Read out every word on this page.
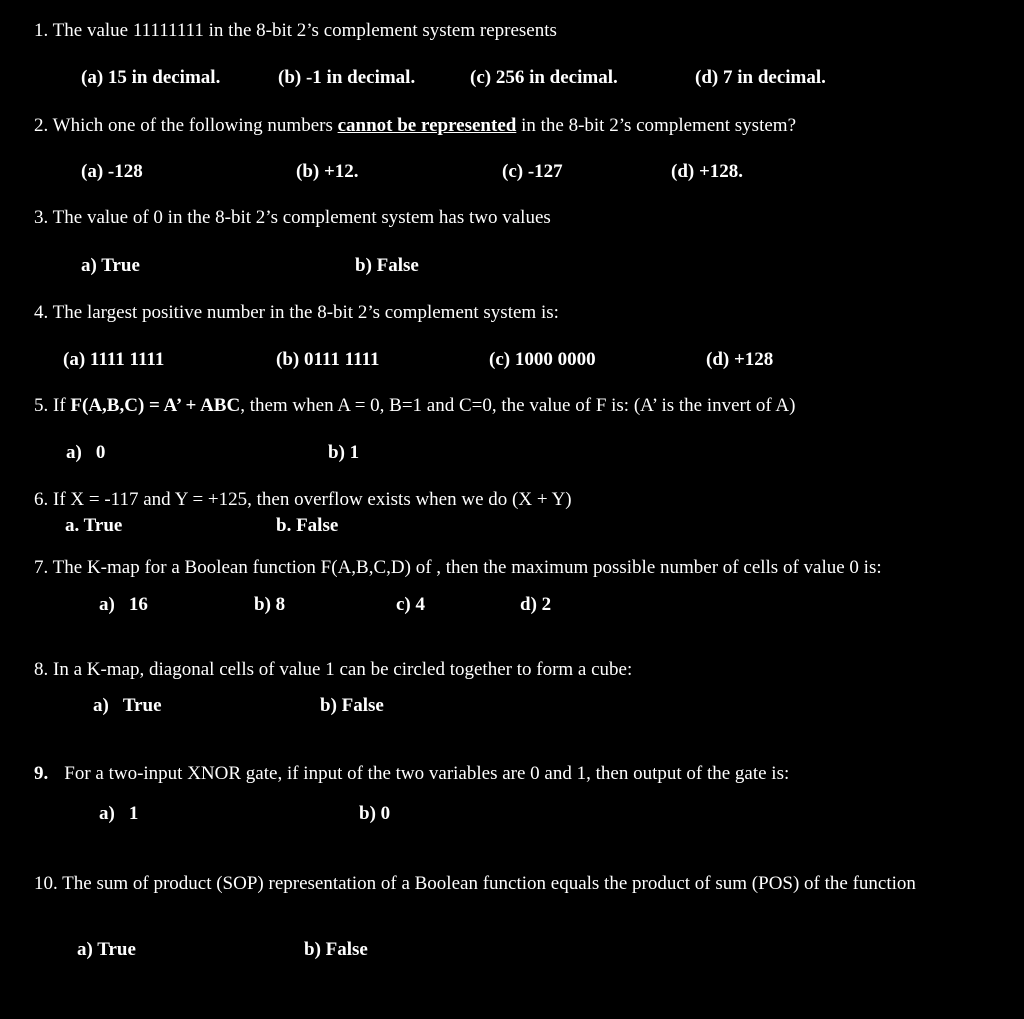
1. The value 11111111 in the 8-bit 2’s complement system represents
(a) 15 in decimal.	(b) -1 in decimal.	(c) 256 in decimal.	(d) 7 in decimal.
2. Which one of the following numbers cannot be represented in the 8-bit 2’s complement system?
(a) -128	(b) +12.	(c) -127	(d) +128.
3. The value of 0 in the 8-bit 2’s complement system has two values
a) True	b) False
4. The largest positive number in the 8-bit 2’s complement system is:
(a) 1111 1111	(b) 0111 1111	(c) 1000 0000	(d) +128
5. If F(A,B,C) = A’ + ABC, them when A = 0, B=1 and C=0, the value of F is: (A’ is the invert of A)
a) 0	b) 1
6. If X = -117 and Y = +125, then overflow exists when we do (X + Y)
a. True	b. False
7. The K-map for a Boolean function F(A,B,C,D) of , then the maximum possible number of cells of value 0 is:
a) 16	b) 8	c) 4	d) 2
8. In a K-map, diagonal cells of value 1 can be circled together to form a cube:
a) True	b) False
9. For a two-input XNOR gate, if input of the two variables are 0 and 1, then output of the gate is:
a) 1	b) 0
10. The sum of product (SOP) representation of a Boolean function equals the product of sum (POS) of the function
a) True	b) False
